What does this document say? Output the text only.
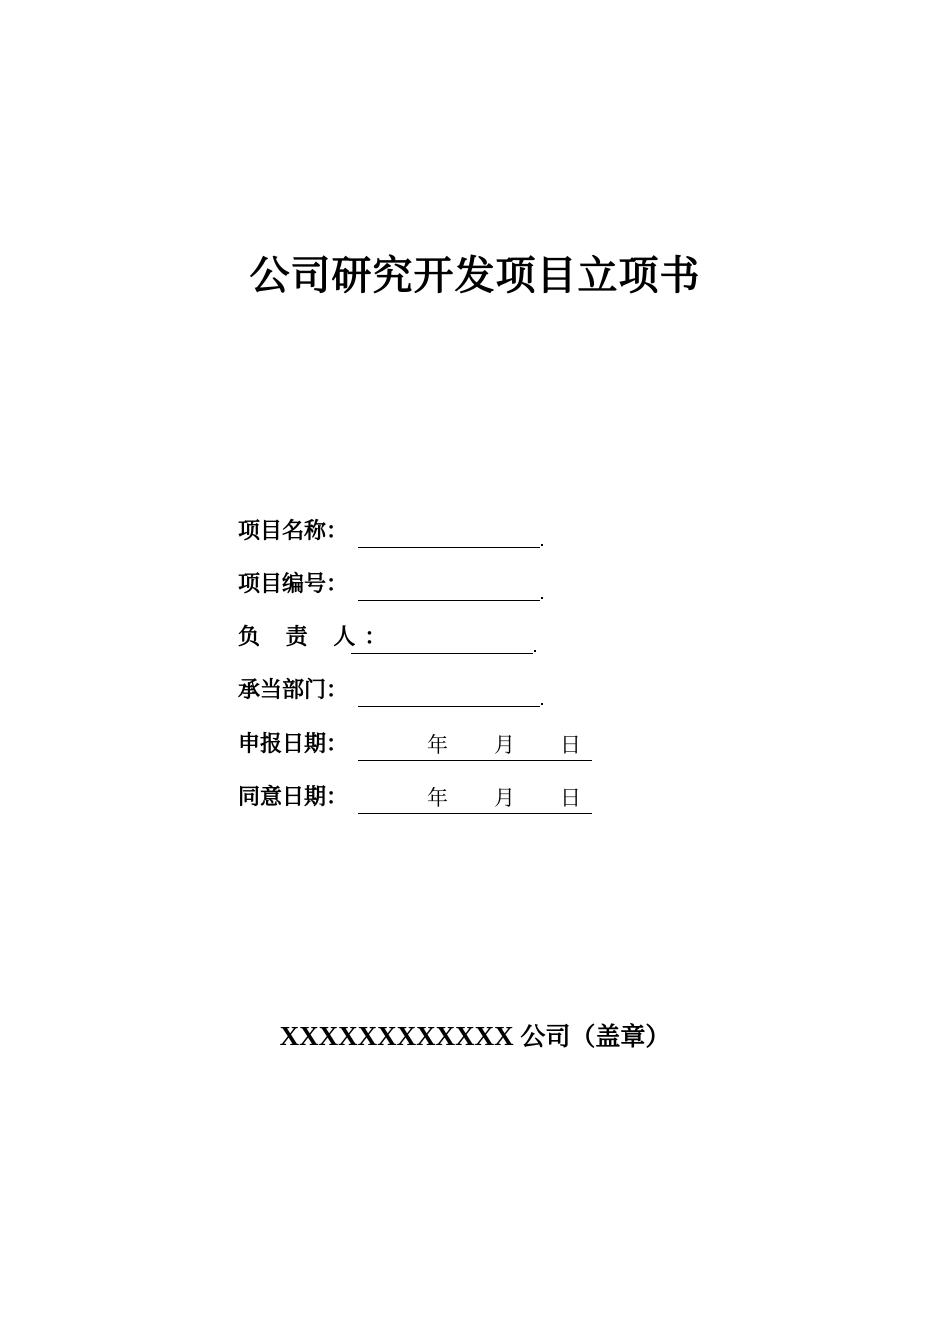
公司研究开发项目立项书
项目名称：
项目编号：
负 责 人：
承当部门：
申报日期：	年 月 日
同意日期：	年 月 日
XXXXXXXXXXXX 公司（盖章）
